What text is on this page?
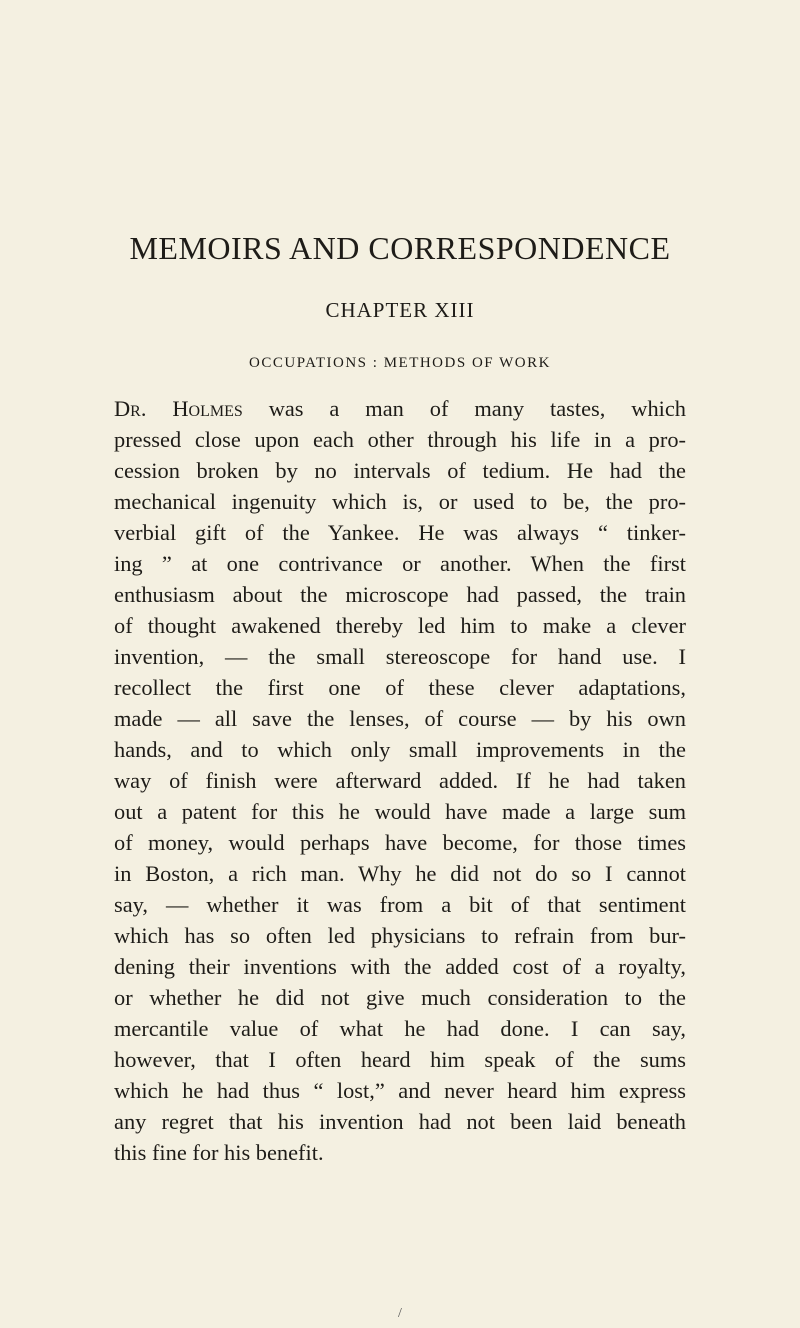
MEMOIRS AND CORRESPONDENCE
CHAPTER XIII
OCCUPATIONS : METHODS OF WORK
Dr. Holmes was a man of many tastes, which
pressed close upon each other through his life in a pro-
cession broken by no intervals of tedium. He had the
mechanical ingenuity which is, or used to be, the pro-
verbial gift of the Yankee. He was always “ tinker-
ing ” at one contrivance or another. When the first
enthusiasm about the microscope had passed, the train
of thought awakened thereby led him to make a clever
invention, — the small stereoscope for hand use. I
recollect the first one of these clever adaptations,
made — all save the lenses, of course — by his own
hands, and to which only small improvements in the
way of finish were afterward added. If he had taken
out a patent for this he would have made a large sum
of money, would perhaps have become, for those times
in Boston, a rich man. Why he did not do so I cannot
say, — whether it was from a bit of that sentiment
which has so often led physicians to refrain from bur-
dening their inventions with the added cost of a royalty,
or whether he did not give much consideration to the
mercantile value of what he had done. I can say,
however, that I often heard him speak of the sums
which he had thus “ lost,” and never heard him express
any regret that his invention had not been laid beneath
this fine for his benefit.
/
